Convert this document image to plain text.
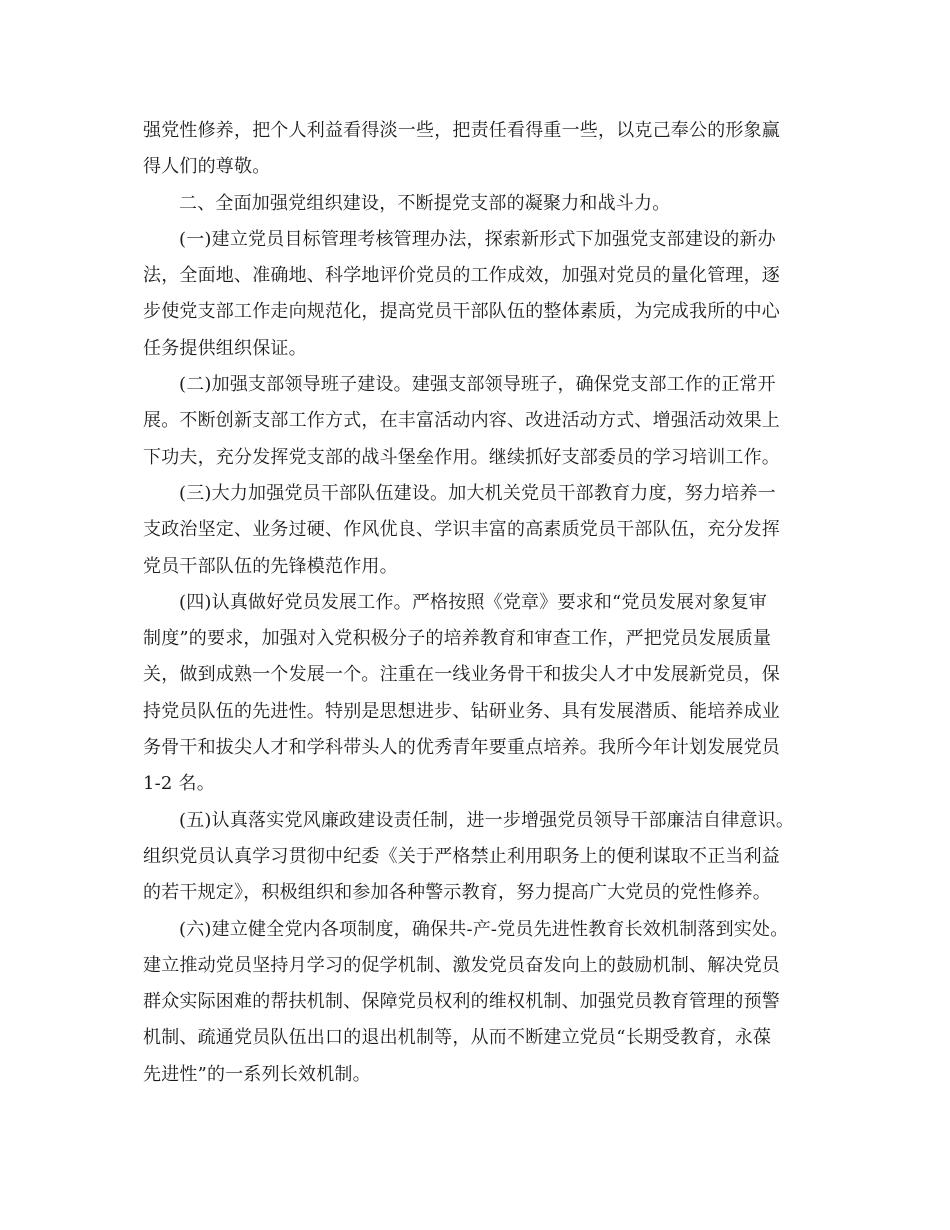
强党性修养，把个人利益看得淡一些，把责任看得重一些，以克己奉公的形象赢
得人们的尊敬。
二、全面加强党组织建设，不断提党支部的凝聚力和战斗力。
(一)建立党员目标管理考核管理办法，探索新形式下加强党支部建设的新办
法，全面地、准确地、科学地评价党员的工作成效，加强对党员的量化管理，逐
步使党支部工作走向规范化，提高党员干部队伍的整体素质，为完成我所的中心
任务提供组织保证。
(二)加强支部领导班子建设。建强支部领导班子，确保党支部工作的正常开
展。不断创新支部工作方式，在丰富活动内容、改进活动方式、增强活动效果上
下功夫，充分发挥党支部的战斗堡垒作用。继续抓好支部委员的学习培训工作。
(三)大力加强党员干部队伍建设。加大机关党员干部教育力度，努力培养一
支政治坚定、业务过硬、作风优良、学识丰富的高素质党员干部队伍，充分发挥
党员干部队伍的先锋模范作用。
(四)认真做好党员发展工作。严格按照《党章》要求和“党员发展对象复审
制度”的要求，加强对入党积极分子的培养教育和审查工作，严把党员发展质量
关，做到成熟一个发展一个。注重在一线业务骨干和拔尖人才中发展新党员，保
持党员队伍的先进性。特别是思想进步、钻研业务、具有发展潜质、能培养成业
务骨干和拔尖人才和学科带头人的优秀青年要重点培养。我所今年计划发展党员
1-2 名。
(五)认真落实党风廉政建设责任制，进一步增强党员领导干部廉洁自律意识。
组织党员认真学习贯彻中纪委《关于严格禁止利用职务上的便利谋取不正当利益
的若干规定》，积极组织和参加各种警示教育，努力提高广大党员的党性修养。
(六)建立健全党内各项制度，确保共-产-党员先进性教育长效机制落到实处。
建立推动党员坚持月学习的促学机制、激发党员奋发向上的鼓励机制、解决党员
群众实际困难的帮扶机制、保障党员权利的维权机制、加强党员教育管理的预警
机制、疏通党员队伍出口的退出机制等，从而不断建立党员“长期受教育，永葆
先进性”的一系列长效机制。
